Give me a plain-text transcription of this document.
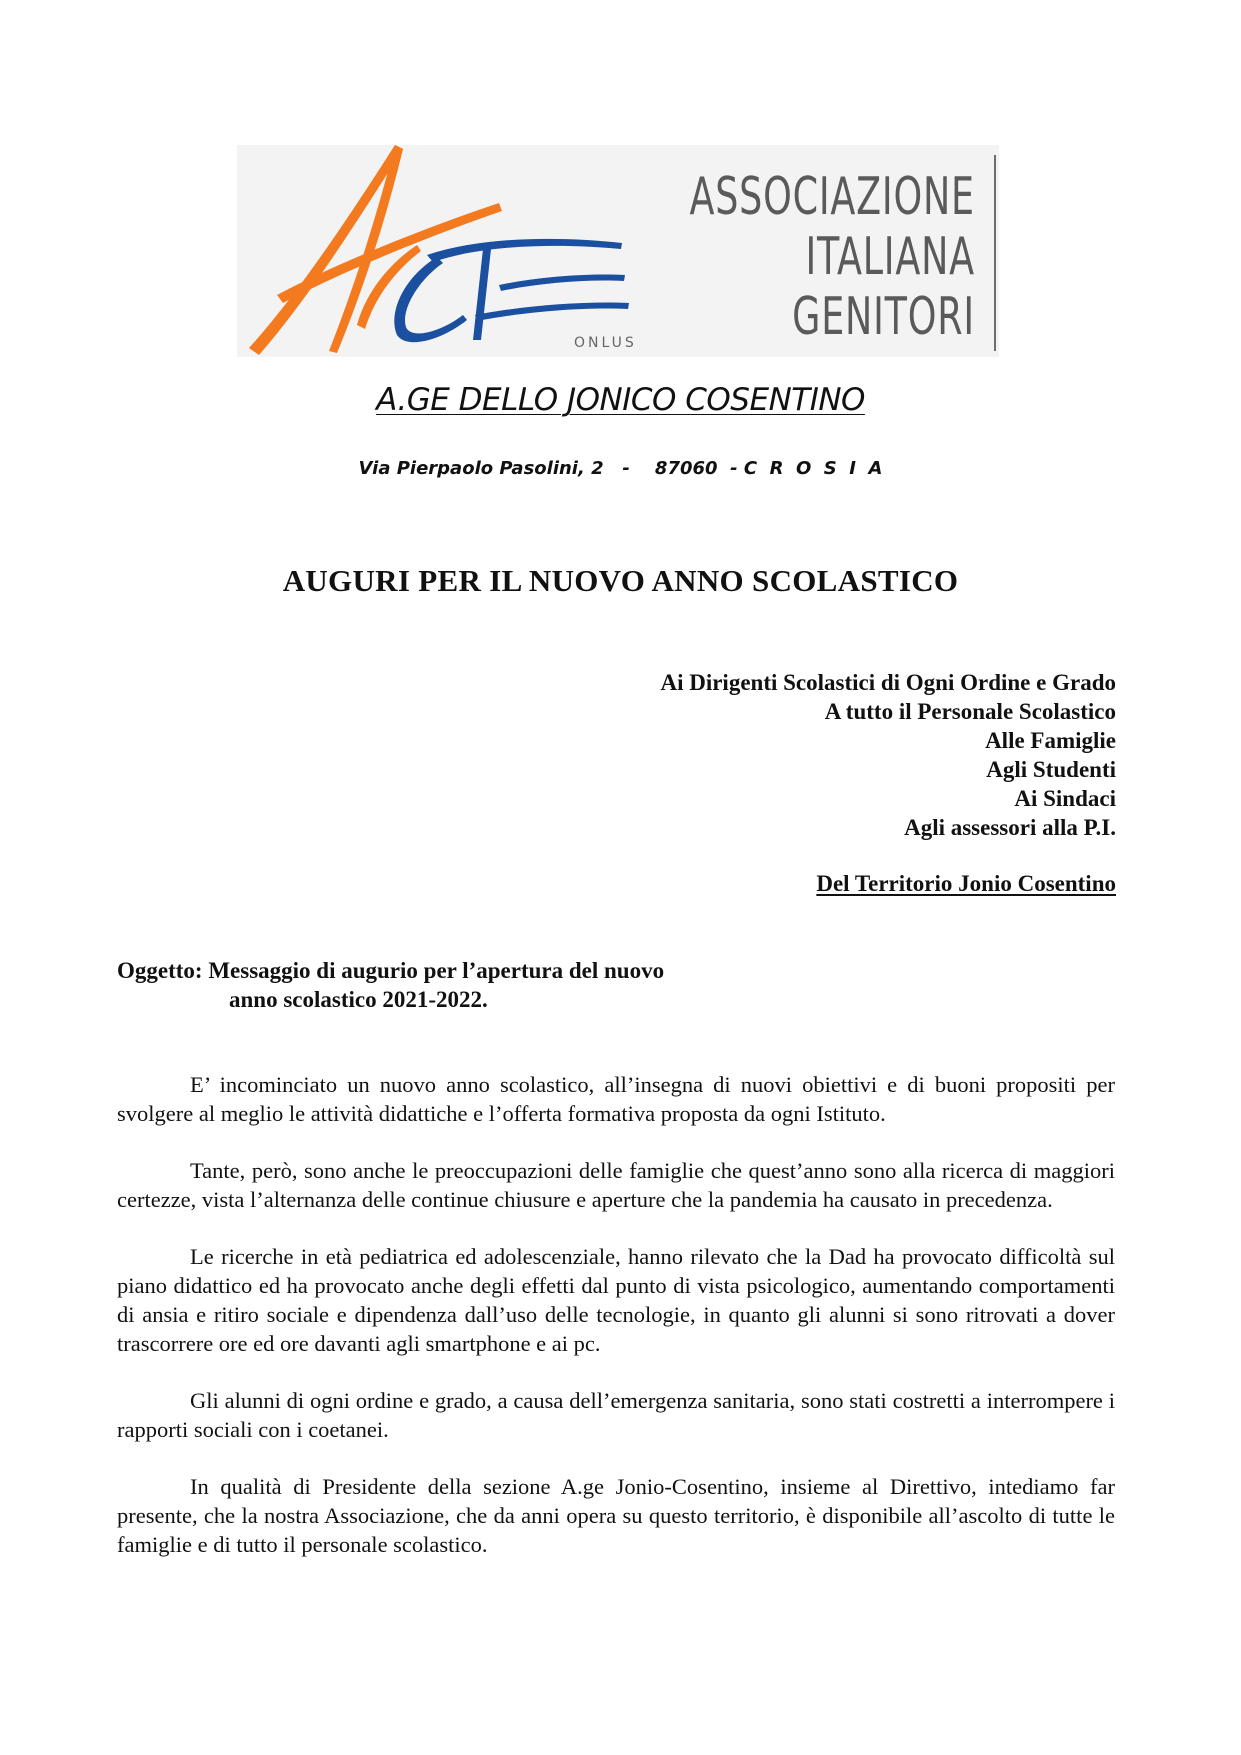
ONLUS
ASSOCIAZIONE
ITALIANA
GENITORI
A.GE DELLO JONICO COSENTINO
Via Pierpaolo Pasolini, 2   -    87060  - C  R  O  S  I  A
AUGURI PER IL NUOVO ANNO SCOLASTICO
Ai Dirigenti Scolastici di Ogni Ordine e Grado
A tutto il Personale Scolastico
Alle Famiglie
Agli Studenti
Ai Sindaci
Agli assessori alla P.I.
Del Territorio Jonio Cosentino
Oggetto: Messaggio di augurio per l’apertura del nuovo
anno scolastico 2021-2022.

E’ incominciato un nuovo anno scolastico, all’insegna di nuovi obiettivi e di buoni propositi per svolgere al meglio le attività didattiche e l’offerta formativa proposta da ogni Istituto.

Tante, però, sono anche le preoccupazioni delle famiglie che quest’anno sono alla ricerca di maggiori certezze, vista l’alternanza delle continue chiusure e aperture che la pandemia ha causato in precedenza.

Le ricerche in età pediatrica ed adolescenziale, hanno rilevato che la Dad ha provocato difficoltà sul piano didattico ed ha provocato anche degli effetti dal punto di vista psicologico, aumentando comportamenti di ansia e ritiro sociale e dipendenza dall’uso delle tecnologie, in quanto gli alunni si sono ritrovati a dover trascorrere ore ed ore davanti agli smartphone e ai pc.

Gli alunni di ogni ordine e grado, a causa dell’emergenza sanitaria, sono stati costretti a interrompere i rapporti sociali con i coetanei.

In qualità di Presidente della sezione A.ge Jonio-Cosentino, insieme al Direttivo, intediamo far presente, che la nostra Associazione, che da anni opera su questo territorio, è disponibile all’ascolto di tutte le famiglie e di tutto il personale scolastico.
